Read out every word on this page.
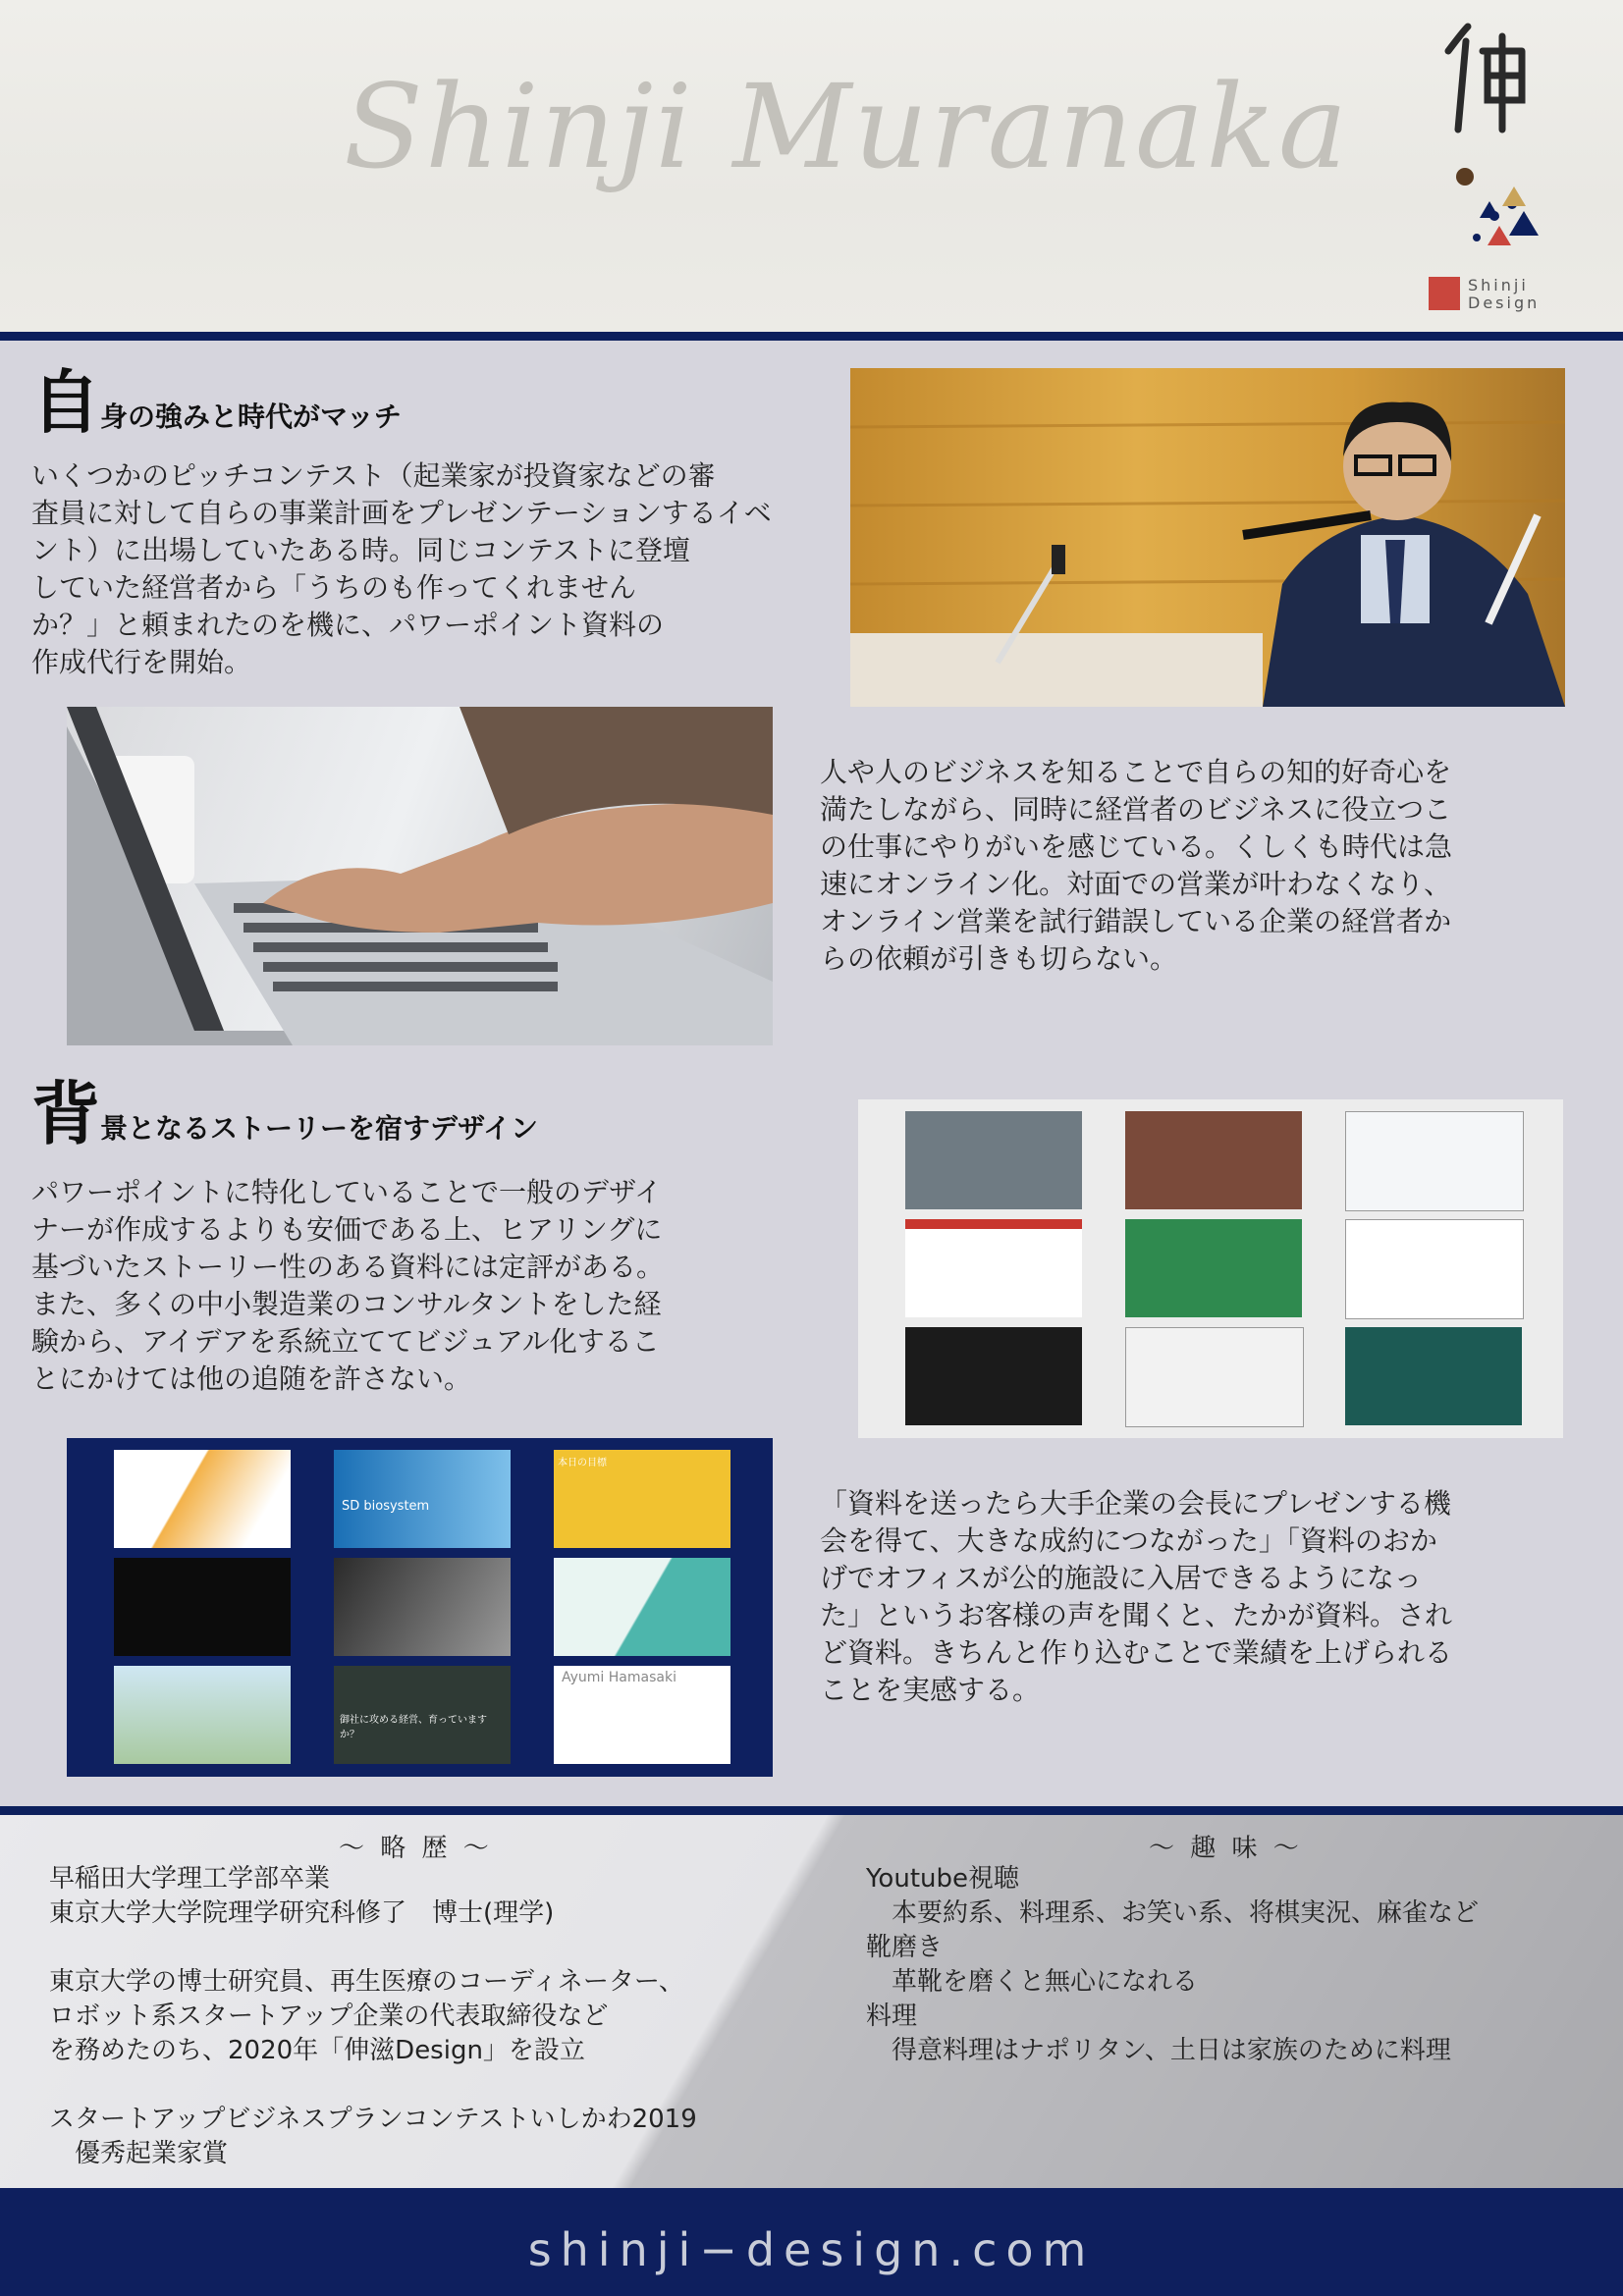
Shinji Muranaka
Shinji
Design
自身の強みと時代がマッチ
いくつかのピッチコンテスト（起業家が投資家などの審
査員に対して自らの事業計画をプレゼンテーションするイベ
ント）に出場していたある時。同じコンテストに登壇
していた経営者から「うちのも作ってくれません
か？」と頼まれたのを機に、パワーポイント資料の
作成代行を開始。
人や人のビジネスを知ることで自らの知的好奇心を
満たしながら、同時に経営者のビジネスに役立つこ
の仕事にやりがいを感じている。くしくも時代は急
速にオンライン化。対面での営業が叶わなくなり、
オンライン営業を試行錯誤している企業の経営者か
らの依頼が引きも切らない。
背景となるストーリーを宿すデザイン
パワーポイントに特化していることで一般のデザイ
ナーが作成するよりも安価である上、ヒアリングに
基づいたストーリー性のある資料には定評がある。
また、多くの中小製造業のコンサルタントをした経
験から、アイデアを系統立ててビジュアル化するこ
とにかけては他の追随を許さない。
SD biosystem
本日の目標
御社に攻める経営、育っていますか？
Ayumi Hamasaki
「資料を送ったら大手企業の会長にプレゼンする機
会を得て、大きな成約につながった」「資料のおか
げでオフィスが公的施設に入居できるようになっ
た」というお客様の声を聞くと、たかが資料。され
ど資料。きちんと作り込むことで業績を上げられる
ことを実感する。
～ 略 歴 ～
早稲田大学理工学部卒業
東京大学大学院理学研究科修了　博士(理学)
東京大学の博士研究員、再生医療のコーディネーター、
ロボット系スタートアップ企業の代表取締役など
を務めたのち、2020年「伸滋Design」を設立
スタートアップビジネスプランコンテストいしかわ2019
　優秀起業家賞
～ 趣 味 ～
Youtube視聴
　本要約系、料理系、お笑い系、将棋実況、麻雀など
靴磨き
　革靴を磨くと無心になれる
料理
　得意料理はナポリタン、土日は家族のために料理
shinji−design.com
